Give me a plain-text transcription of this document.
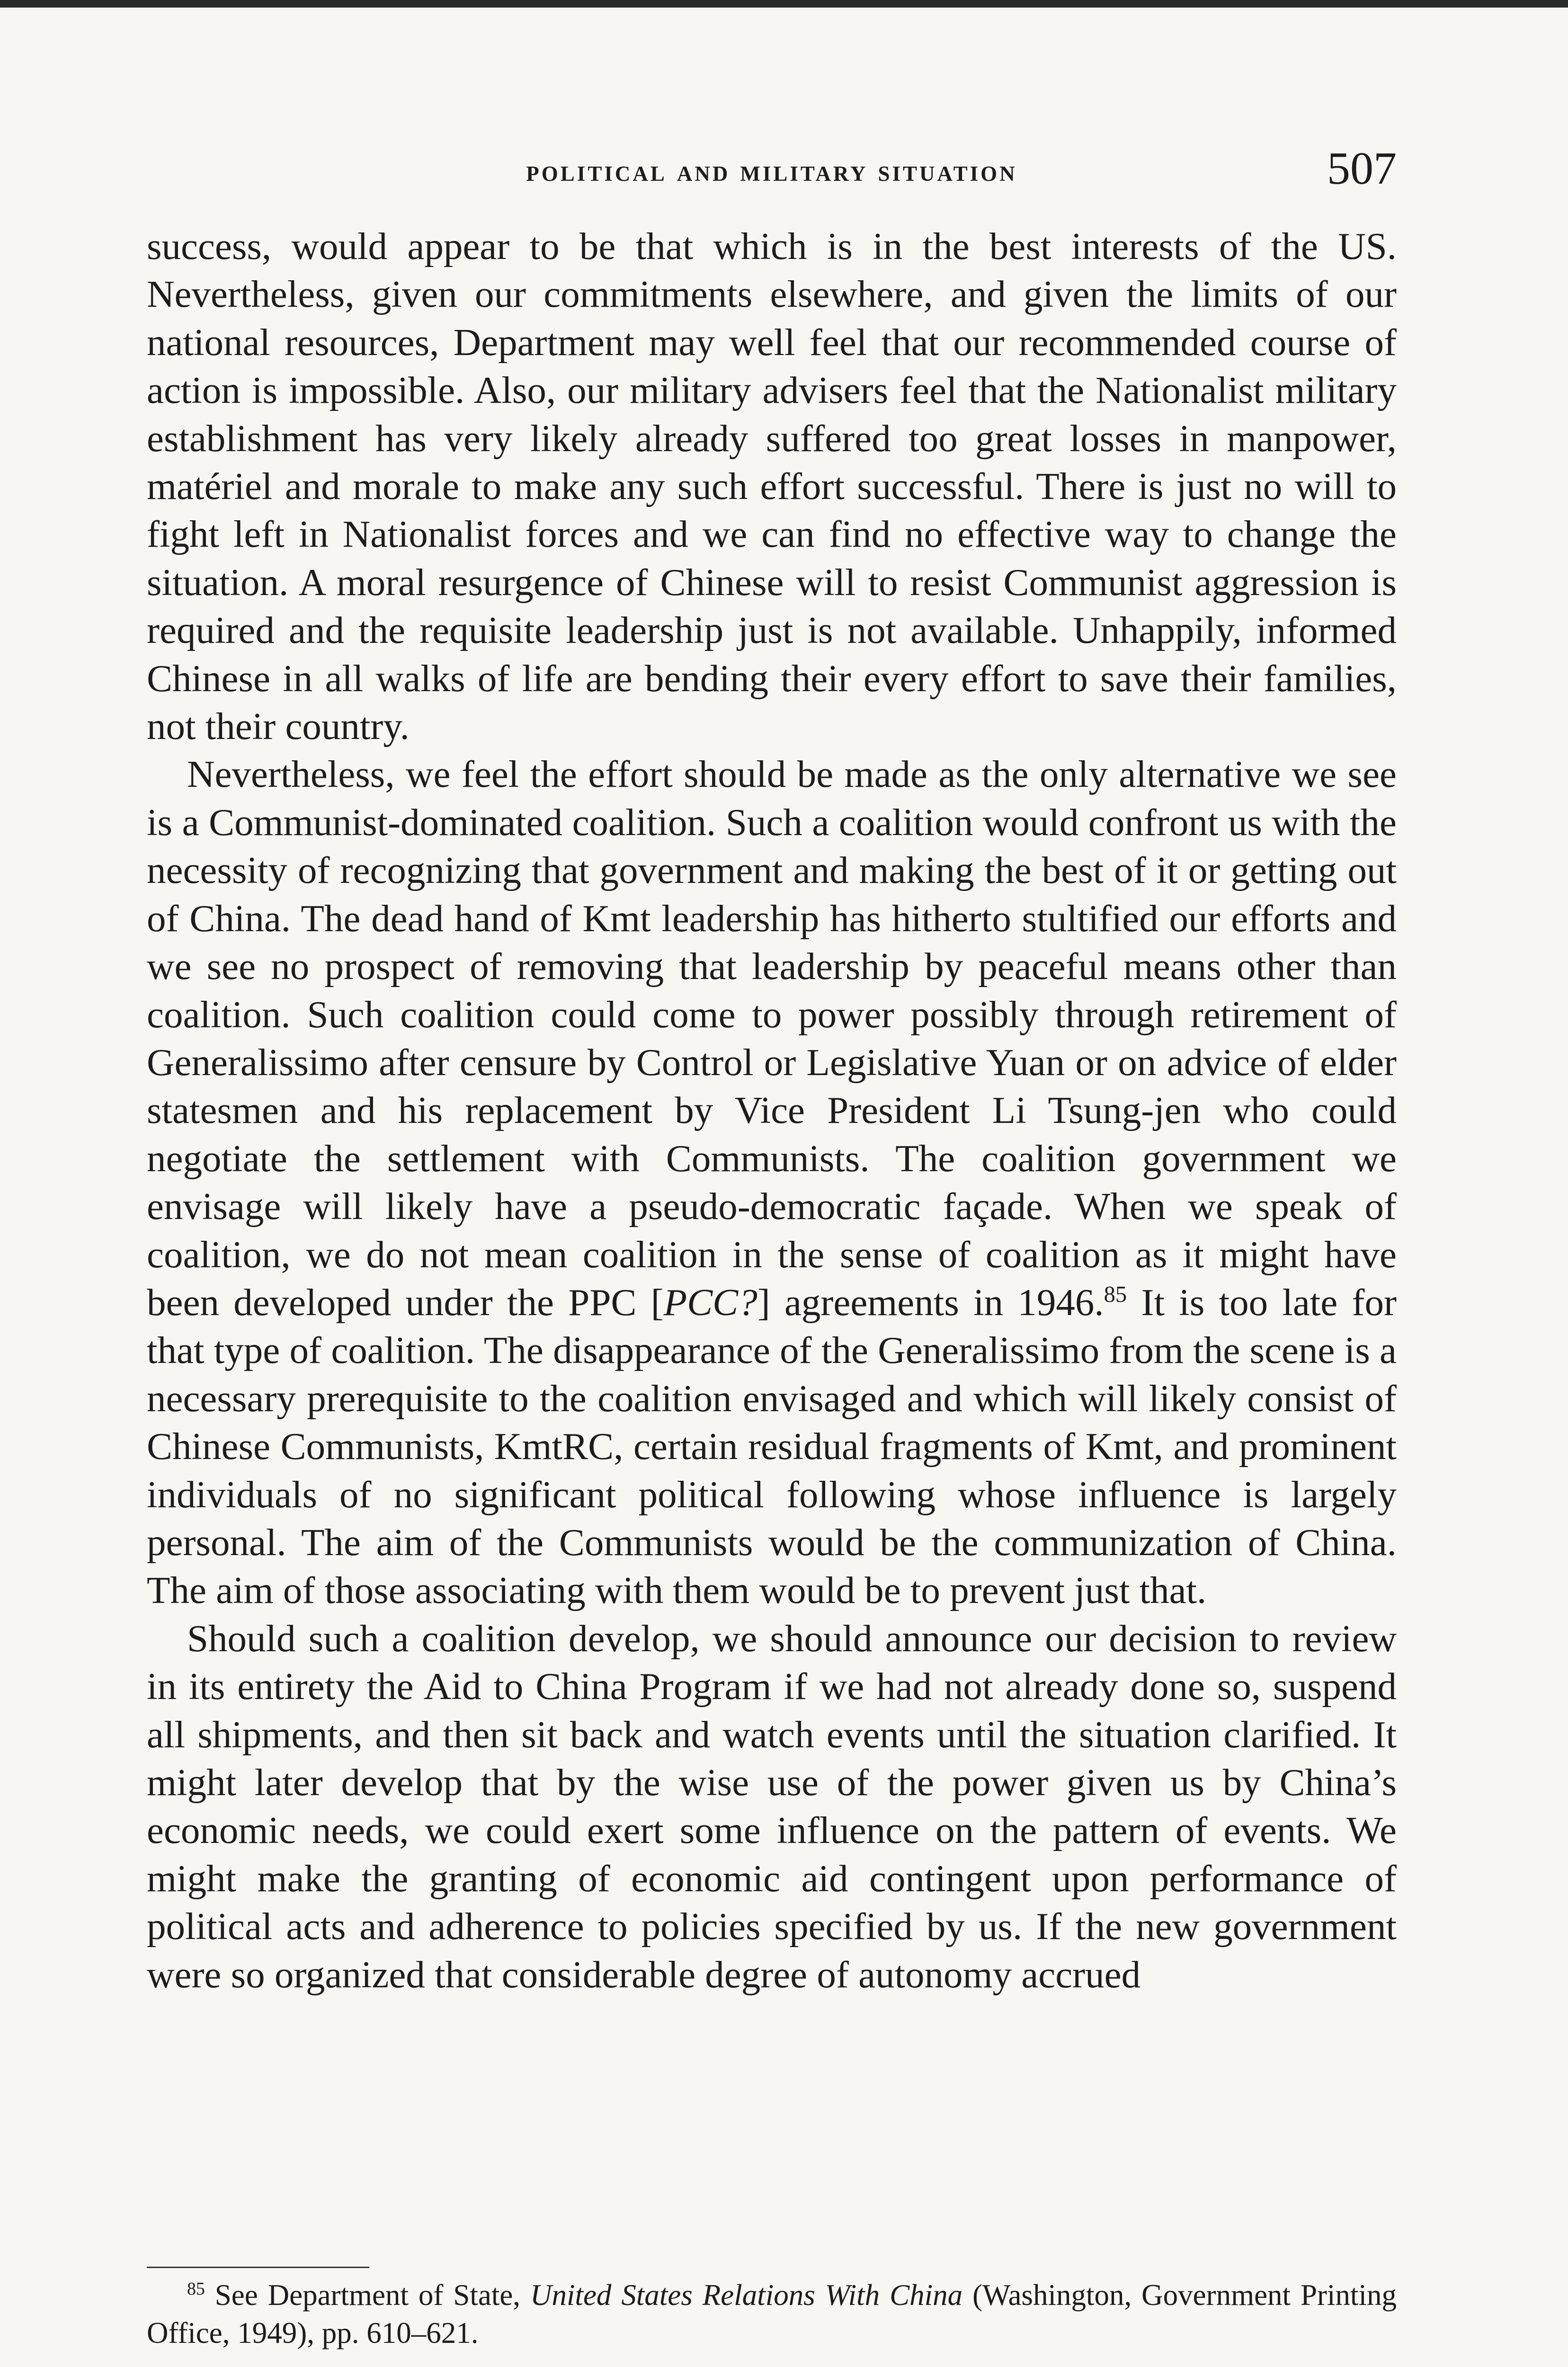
political and military situation	507

success, would appear to be that which is in the best interests of the US. Nevertheless, given our commitments elsewhere, and given the limits of our national resources, Department may well feel that our recommended course of action is impossible. Also, our military advisers feel that the Nationalist military establishment has very likely already suffered too great losses in manpower, matériel and morale to make any such effort successful. There is just no will to fight left in Nationalist forces and we can find no effective way to change the situation. A moral resurgence of Chinese will to resist Communist aggression is required and the requisite leadership just is not available. Unhappily, informed Chinese in all walks of life are bending their every effort to save their families, not their country.

Nevertheless, we feel the effort should be made as the only alternative we see is a Communist-dominated coalition. Such a coalition would confront us with the necessity of recognizing that government and making the best of it or getting out of China. The dead hand of Kmt leadership has hitherto stultified our efforts and we see no prospect of removing that leadership by peaceful means other than coalition. Such coalition could come to power possibly through retirement of Generalissimo after censure by Control or Legislative Yuan or on advice of elder statesmen and his replacement by Vice President Li Tsung-jen who could negotiate the settlement with Communists. The coalition government we envisage will likely have a pseudo-democratic façade. When we speak of coalition, we do not mean coalition in the sense of coalition as it might have been developed under the PPC [PCC?] agreements in 1946.85 It is too late for that type of coalition. The disappearance of the Generalissimo from the scene is a necessary prerequisite to the coalition envisaged and which will likely consist of Chinese Communists, KmtRC, certain residual fragments of Kmt, and prominent individuals of no significant political following whose influence is largely personal. The aim of the Communists would be the communization of China. The aim of those associating with them would be to prevent just that.

Should such a coalition develop, we should announce our decision to review in its entirety the Aid to China Program if we had not already done so, suspend all shipments, and then sit back and watch events until the situation clarified. It might later develop that by the wise use of the power given us by China’s economic needs, we could exert some influence on the pattern of events. We might make the granting of economic aid contingent upon performance of political acts and adherence to policies specified by us. If the new government were so organized that considerable degree of autonomy accrued

$^{85}$ See Department of State, United States Relations With China (Washington, Government Printing Office, 1949), pp. 610–621.
